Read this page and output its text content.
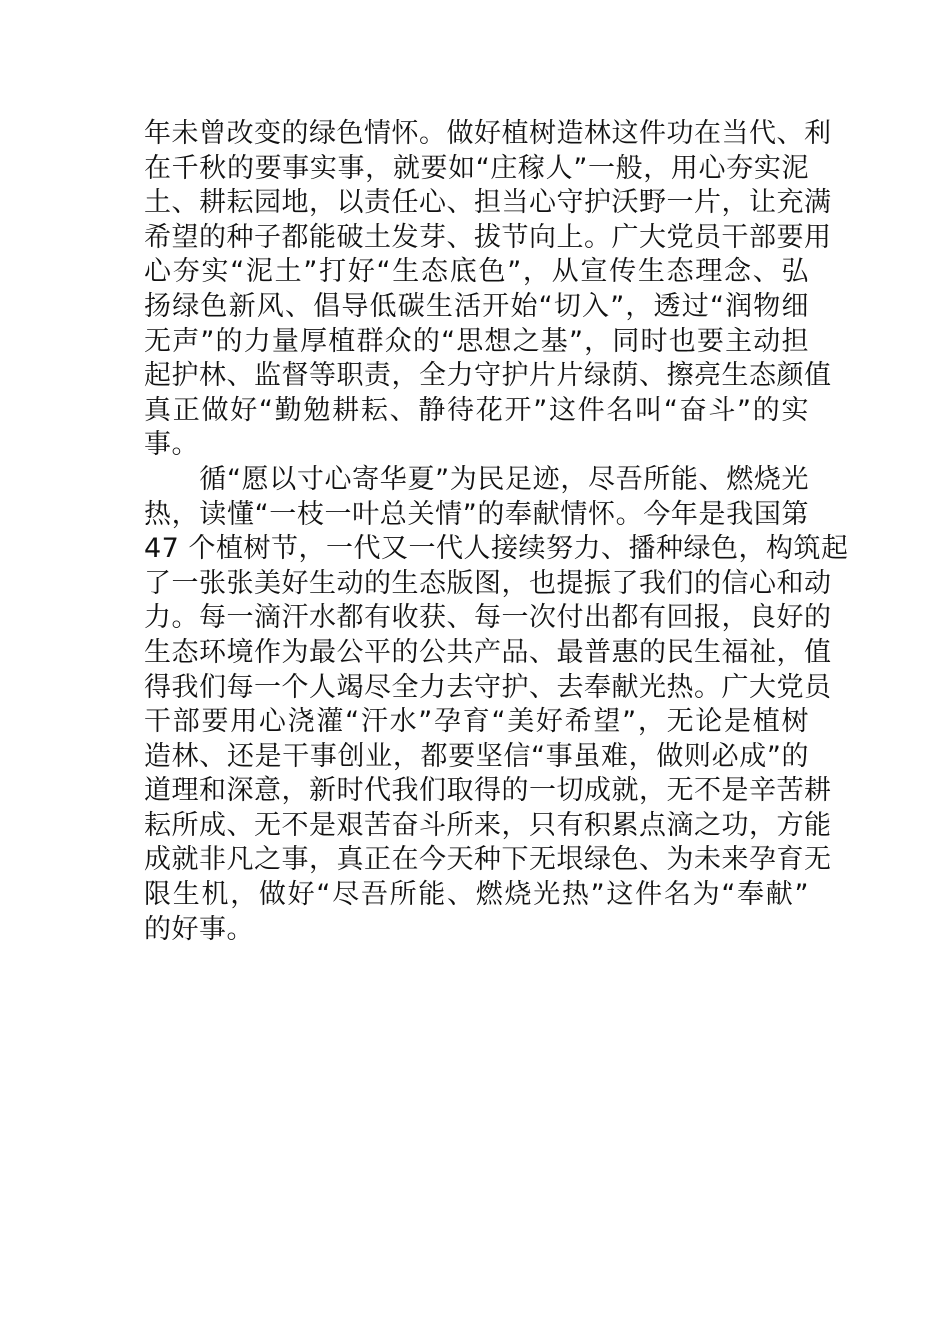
年未曾改变的绿色情怀。做好植树造林这件功在当代、利
在千秋的要事实事，就要如“庄稼人”一般，用心夯实泥
土、耕耘园地，以责任心、担当心守护沃野一片，让充满
希望的种子都能破土发芽、拔节向上。广大党员干部要用
心夯实“泥土”打好“生态底色”，从宣传生态理念、弘
扬绿色新风、倡导低碳生活开始“切入”，透过“润物细
无声”的力量厚植群众的“思想之基”，同时也要主动担
起护林、监督等职责，全力守护片片绿荫、擦亮生态颜值
真正做好“勤勉耕耘、静待花开”这件名叫“奋斗”的实
事。
　　循“愿以寸心寄华夏”为民足迹，尽吾所能、燃烧光
热，读懂“一枝一叶总关情”的奉献情怀。今年是我国第
47 个植树节，一代又一代人接续努力、播种绿色，构筑起
了一张张美好生动的生态版图，也提振了我们的信心和动
力。每一滴汗水都有收获、每一次付出都有回报，良好的
生态环境作为最公平的公共产品、最普惠的民生福祉，值
得我们每一个人竭尽全力去守护、去奉献光热。广大党员
干部要用心浇灌“汗水”孕育“美好希望”，无论是植树
造林、还是干事创业，都要坚信“事虽难，做则必成”的
道理和深意，新时代我们取得的一切成就，无不是辛苦耕
耘所成、无不是艰苦奋斗所来，只有积累点滴之功，方能
成就非凡之事，真正在今天种下无垠绿色、为未来孕育无
限生机，做好“尽吾所能、燃烧光热”这件名为“奉献”
的好事。
